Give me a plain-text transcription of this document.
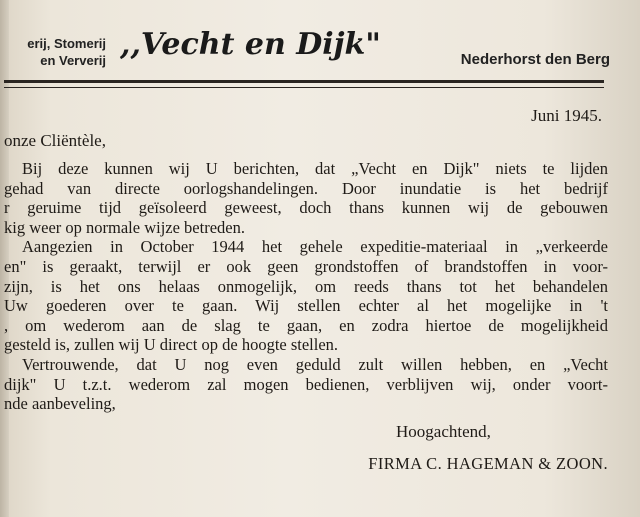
erij, Stomerij
en Ververij ,,Vecht en Dijk"	Nederhorst den Berg
Juni 1945.
onze Cliëntèle,
Bij deze kunnen wij U berichten, dat „Vecht en Dijk" niets te lijden
gehad van directe oorlogshandelingen. Door inundatie is het bedrijf
r geruime tijd geïsoleerd geweest, doch thans kunnen wij de gebouwen
kig weer op normale wijze betreden.
Aangezien in October 1944 het gehele expeditie-materiaal in „verkeerde
en" is geraakt, terwijl er ook geen grondstoffen of brandstoffen in voor-
zijn, is het ons helaas onmogelijk, om reeds thans tot het behandelen
Uw goederen over te gaan. Wij stellen echter al het mogelijke in 't
, om wederom aan de slag te gaan, en zodra hiertoe de mogelijkheid
gesteld is, zullen wij U direct op de hoogte stellen.
Vertrouwende, dat U nog even geduld zult willen hebben, en „Vecht
dijk" U t.z.t. wederom zal mogen bedienen, verblijven wij, onder voort-
nde aanbeveling,
Hoogachtend,
FIRMA C. HAGEMAN & ZOON.
